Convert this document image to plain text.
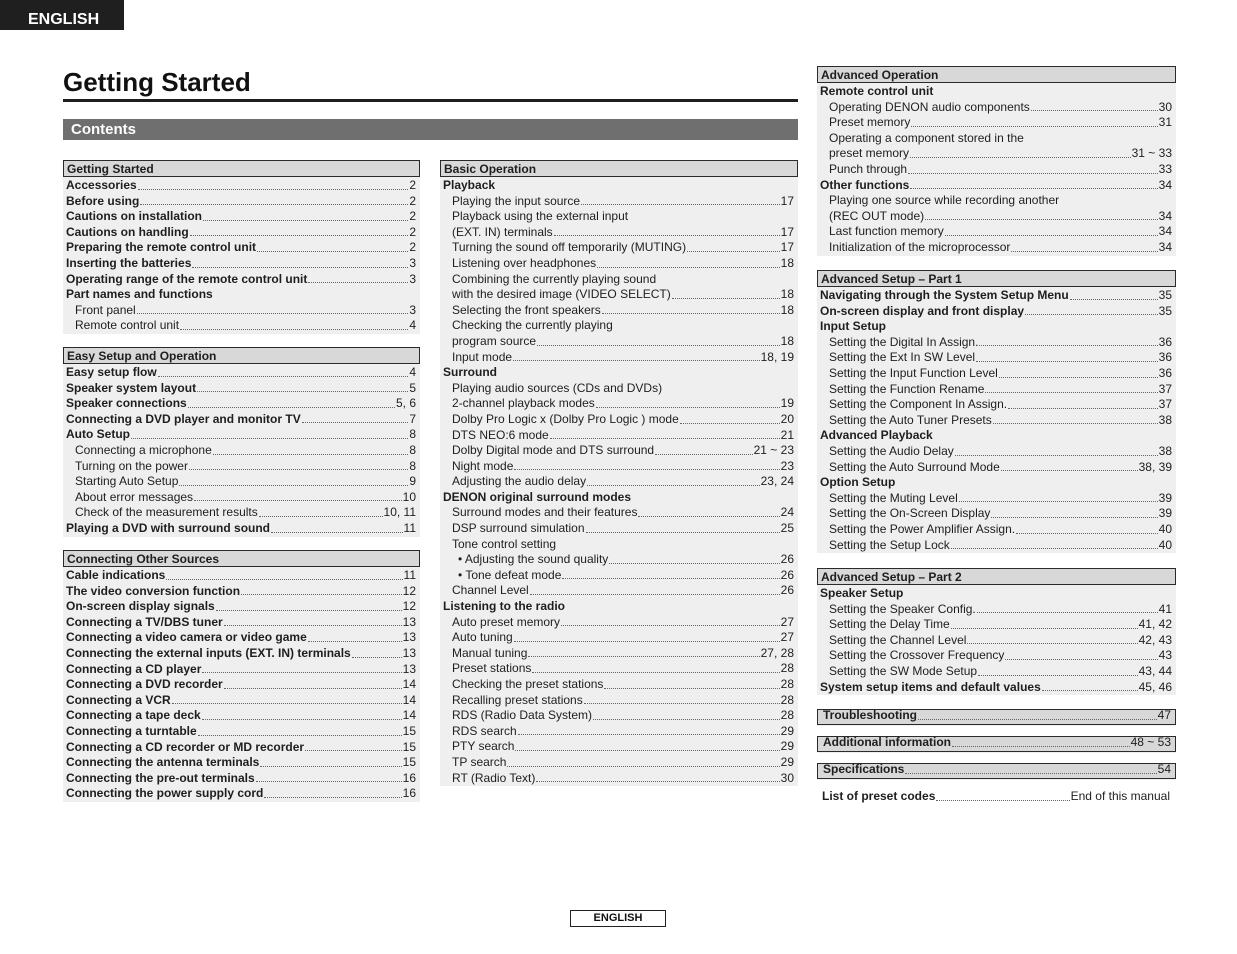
ENGLISH
Getting Started
Contents
Getting Started
Accessories	2
Before using	2
Cautions on installation	2
Cautions on handling	2
Preparing the remote control unit	2
Inserting the batteries	3
Operating range of the remote control unit	3
Part names and functions
Front panel	3
Remote control unit	4
Easy Setup and Operation
Easy setup flow	4
Speaker system layout	5
Speaker connections	5, 6
Connecting a DVD player and monitor TV	7
Auto Setup	8
Connecting a microphone	8
Turning on the power	8
Starting Auto Setup	9
About error messages	10
Check of the measurement results	10, 11
Playing a DVD with surround sound	11
Connecting Other Sources
Cable indications	11
The video conversion function	12
On-screen display signals	12
Connecting a TV/DBS tuner	13
Connecting a video camera or video game	13
Connecting the external inputs (EXT. IN) terminals	13
Connecting a CD player	13
Connecting a DVD recorder	14
Connecting a VCR	14
Connecting a tape deck	14
Connecting a turntable	15
Connecting a CD recorder or MD recorder	15
Connecting the antenna terminals	15
Connecting the pre-out terminals	16
Connecting the power supply cord	16
Basic Operation
Playback
Playing the input source	17
Playback using the external input
(EXT. IN) terminals	17
Turning the sound off temporarily (MUTING)	17
Listening over headphones	18
Combining the currently playing sound
with the desired image (VIDEO SELECT)	18
Selecting the front speakers	18
Checking the currently playing
program source	18
Input mode	18, 19
Surround
Playing audio sources (CDs and DVDs)
2-channel playback modes	19
Dolby Pro Logic x (Dolby Pro Logic ) mode	20
DTS NEO:6 mode	21
Dolby Digital mode and DTS surround	21 ~ 23
Night mode	23
Adjusting the audio delay	23, 24
DENON original surround modes
Surround modes and their features	24
DSP surround simulation	25
Tone control setting
• Adjusting the sound quality	26
• Tone defeat mode	26
Channel Level	26
Listening to the radio
Auto preset memory	27
Auto tuning	27
Manual tuning	27, 28
Preset stations	28
Checking the preset stations	28
Recalling preset stations	28
RDS (Radio Data System)	28
RDS search	29
PTY search	29
TP search	29
RT (Radio Text)	30
Advanced Operation
Remote control unit
Operating DENON audio components	30
Preset memory	31
Operating a component stored in the
preset memory	31 ~ 33
Punch through	33
Other functions	34
Playing one source while recording another
(REC OUT mode)	34
Last function memory	34
Initialization of the microprocessor	34
Advanced Setup – Part 1
Navigating through the System Setup Menu	35
On-screen display and front display	35
Input Setup
Setting the Digital In Assign.	36
Setting the Ext In SW Level	36
Setting the Input Function Level	36
Setting the Function Rename	37
Setting the Component In Assign.	37
Setting the Auto Tuner Presets	38
Advanced Playback
Setting the Audio Delay	38
Setting the Auto Surround Mode	38, 39
Option Setup
Setting the Muting Level	39
Setting the On-Screen Display	39
Setting the Power Amplifier Assign.	40
Setting the Setup Lock	40
Advanced Setup – Part 2
Speaker Setup
Setting the Speaker Config.	41
Setting the Delay Time	41, 42
Setting the Channel Level	42, 43
Setting the Crossover Frequency	43
Setting the SW Mode Setup	43, 44
System setup items and default values	45, 46
Troubleshooting	47
Additional information	48 ~ 53
Specifications	54
List of preset codes	End of this manual
ENGLISH
